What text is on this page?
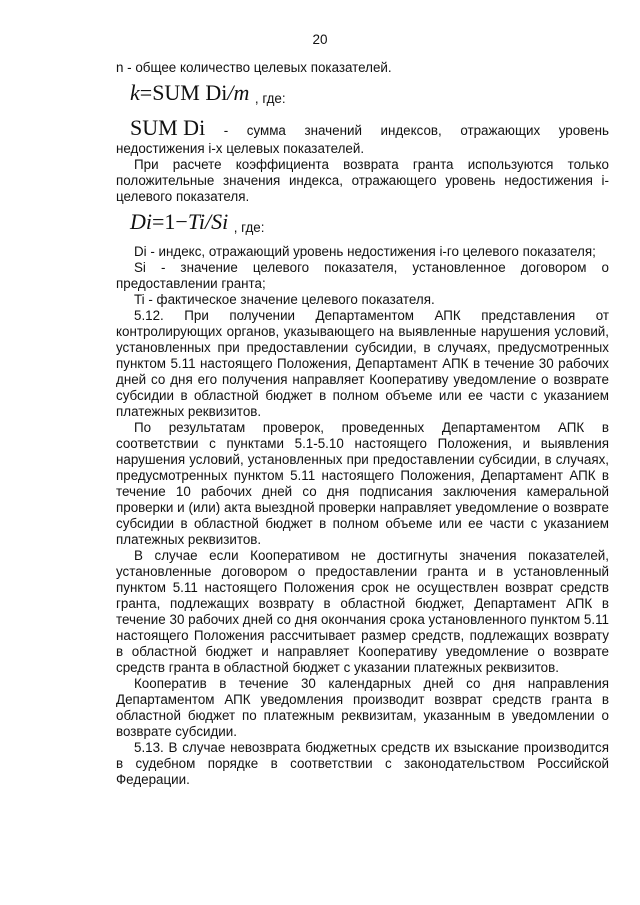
20

n - общее количество целевых показателей.

k=SUM Di/m , где:
SUM Di - сумма значений индексов, отражающих уровень

недостижения i-х целевых показателей.

При расчете коэффициента возврата гранта используются только положительные значения индекса, отражающего уровень недостижения i-целевого показателя.

Di=1−Ti/Si , где:

Di - индекс, отражающий уровень недостижения i-го целевого показателя;

Si - значение целевого показателя, установленное договором о предоставлении гранта;

Ti - фактическое значение целевого показателя.

5.12. При получении Департаментом АПК представления от контролирующих органов, указывающего на выявленные нарушения условий, установленных при предоставлении субсидии, в случаях, предусмотренных пунктом 5.11 настоящего Положения, Департамент АПК в течение 30 рабочих дней со дня его получения направляет Кооперативу уведомление о возврате субсидии в областной бюджет в полном объеме или ее части с указанием платежных реквизитов.

По результатам проверок, проведенных Департаментом АПК в соответствии с пунктами 5.1-5.10 настоящего Положения, и выявления нарушения условий, установленных при предоставлении субсидии, в случаях, предусмотренных пунктом 5.11 настоящего Положения, Департамент АПК в течение 10 рабочих дней со дня подписания заключения камеральной проверки и (или) акта выездной проверки направляет уведомление о возврате субсидии в областной бюджет в полном объеме или ее части с указанием платежных реквизитов.

В случае если Кооперативом не достигнуты значения показателей, установленные договором о предоставлении гранта и в установленный пунктом 5.11 настоящего Положения срок не осуществлен возврат средств гранта, подлежащих возврату в областной бюджет, Департамент АПК в течение 30 рабочих дней со дня окончания срока установленного пунктом 5.11 настоящего Положения рассчитывает размер средств, подлежащих возврату в областной бюджет и направляет Кооперативу уведомление о возврате средств гранта в областной бюджет с указании платежных реквизитов.

Кооператив в течение 30 календарных дней со дня направления Департаментом АПК уведомления производит возврат средств гранта в областной бюджет по платежным реквизитам, указанным в уведомлении о возврате субсидии.

5.13. В случае невозврата бюджетных средств их взыскание производится в судебном порядке в соответствии с законодательством Российской Федерации.
